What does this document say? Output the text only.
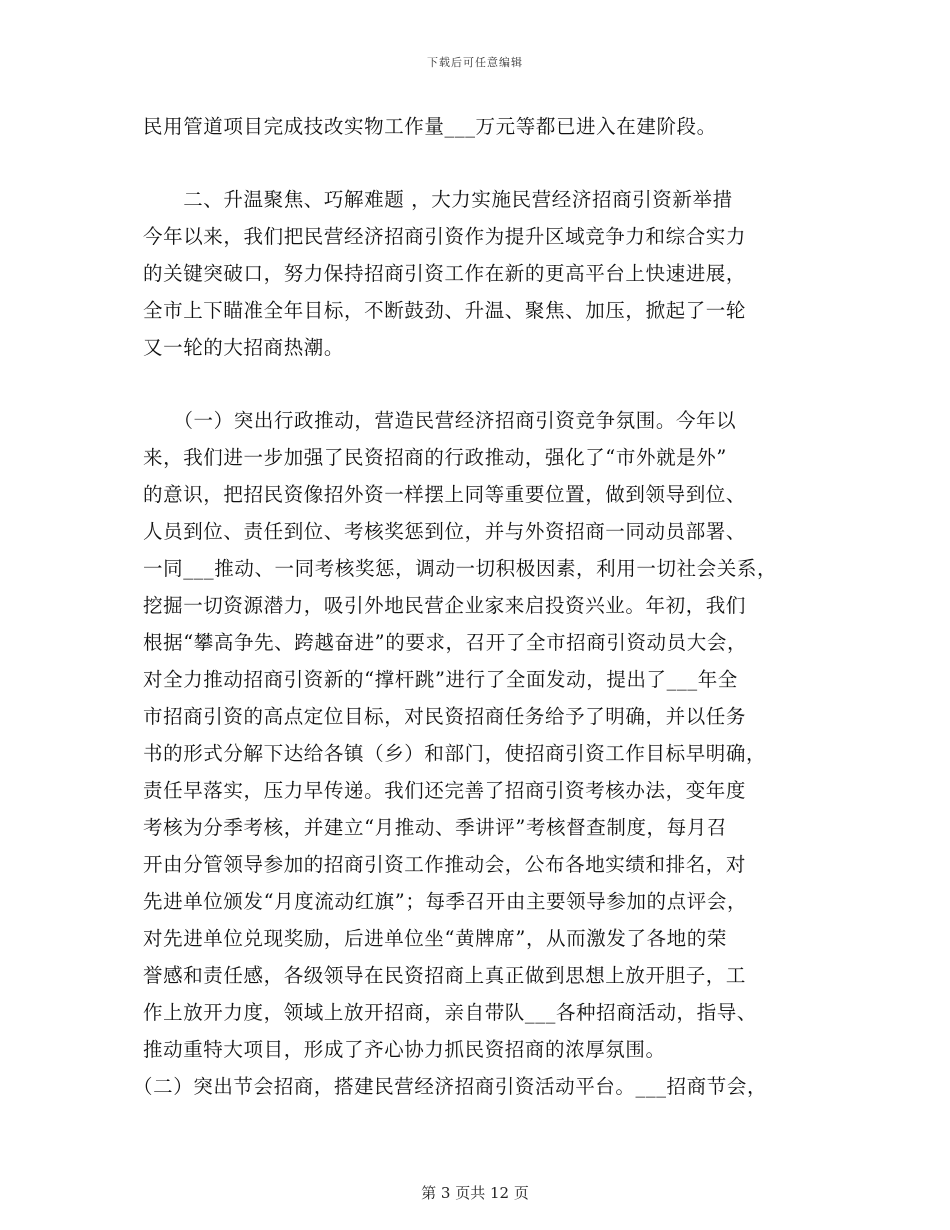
下载后可任意编辑
民用管道项目完成技改实物工作量___万元等都已进入在建阶段。
　　二、升温聚焦、巧解难题 ，大力实施民营经济招商引资新举措
今年以来，我们把民营经济招商引资作为提升区域竞争力和综合实力
的关键突破口，努力保持招商引资工作在新的更高平台上快速进展，
全市上下瞄准全年目标，不断鼓劲、升温、聚焦、加压，掀起了一轮
又一轮的大招商热潮。
　　（一）突出行政推动，营造民营经济招商引资竞争氛围。今年以
来，我们进一步加强了民资招商的行政推动，强化了“市外就是外”
的意识，把招民资像招外资一样摆上同等重要位置，做到领导到位、
人员到位、责任到位、考核奖惩到位，并与外资招商一同动员部署、
一同___推动、一同考核奖惩，调动一切积极因素，利用一切社会关系，
挖掘一切资源潜力，吸引外地民营企业家来启投资兴业。年初，我们
根据“攀高争先、跨越奋进”的要求，召开了全市招商引资动员大会，
对全力推动招商引资新的“撑杆跳”进行了全面发动，提出了___年全
市招商引资的高点定位目标，对民资招商任务给予了明确，并以任务
书的形式分解下达给各镇（乡）和部门，使招商引资工作目标早明确，
责任早落实，压力早传递。我们还完善了招商引资考核办法，变年度
考核为分季考核，并建立“月推动、季讲评”考核督查制度，每月召
开由分管领导参加的招商引资工作推动会，公布各地实绩和排名，对
先进单位颁发“月度流动红旗”；每季召开由主要领导参加的点评会，
对先进单位兑现奖励，后进单位坐“黄牌席”，从而激发了各地的荣
誉感和责任感，各级领导在民资招商上真正做到思想上放开胆子，工
作上放开力度，领域上放开招商，亲自带队___各种招商活动，指导、
推动重特大项目，形成了齐心协力抓民资招商的浓厚氛围。
（二）突出节会招商，搭建民营经济招商引资活动平台。___招商节会，
第 3 页共 12 页
